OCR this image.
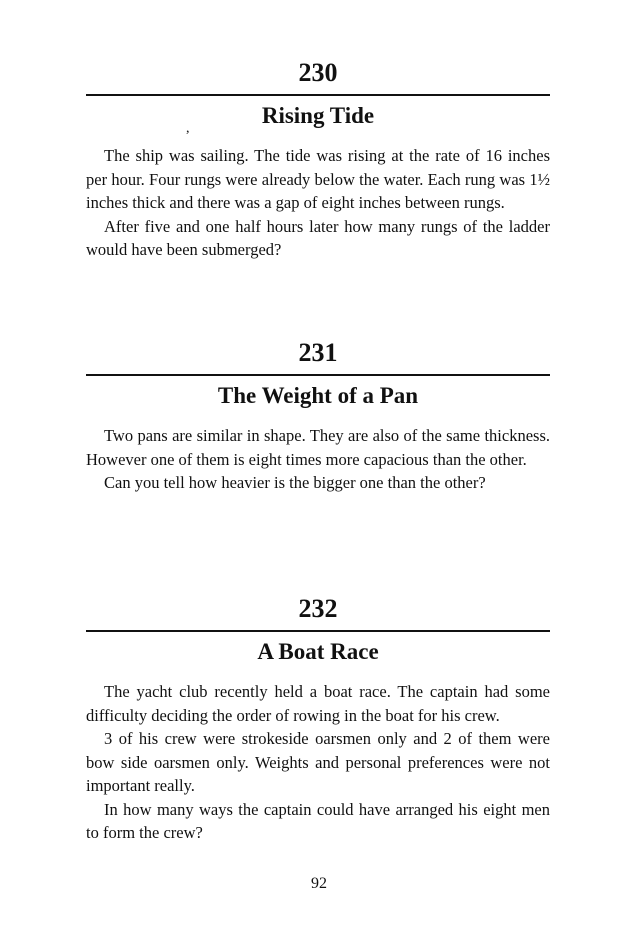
,
230
Rising Tide

The ship was sailing. The tide was rising at the rate of 16 inches per hour. Four rungs were already below the water. Each rung was 1½ inches thick and there was a gap of eight inches between rungs.

After five and one half hours later how many rungs of the ladder would have been submerged?

231
The Weight of a Pan

Two pans are similar in shape. They are also of the same thickness. However one of them is eight times more capacious than the other.

Can you tell how heavier is the bigger one than the other?

232
A Boat Race

The yacht club recently held a boat race. The captain had some difficulty deciding the order of rowing in the boat for his crew.

3 of his crew were strokeside oarsmen only and 2 of them were bow side oarsmen only. Weights and personal preferences were not important really.

In how many ways the captain could have arranged his eight men to form the crew?

92
